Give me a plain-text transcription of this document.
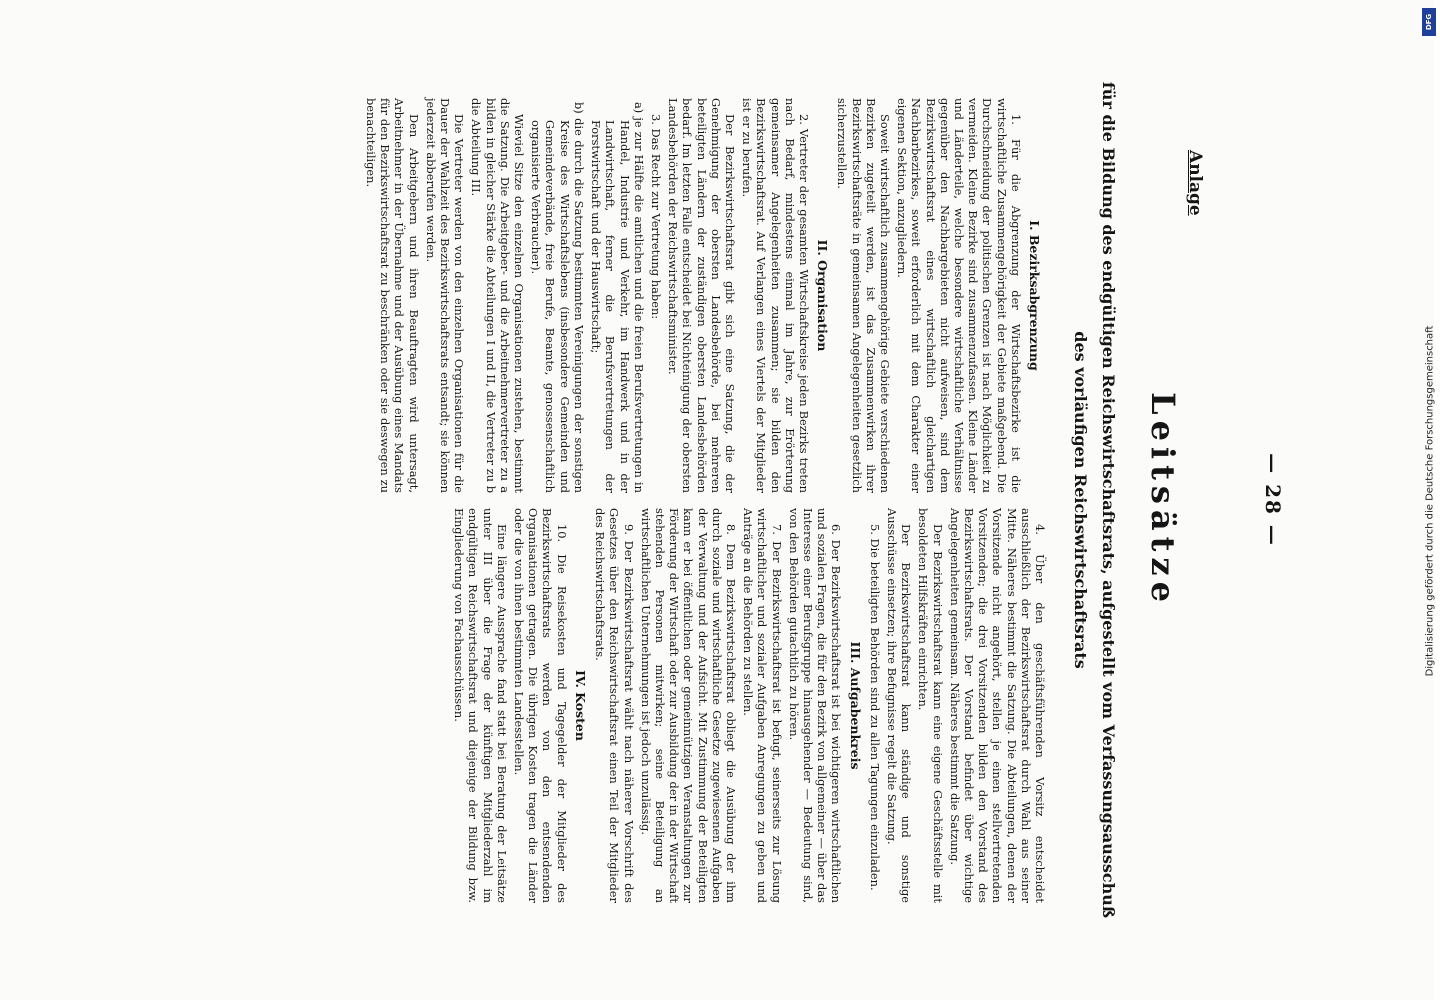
— 28 —
Anlage
Leitsätze
für die Bildung des endgültigen Reichswirtschaftsrats, aufgestellt vom Verfassungsausschuß
des vorläufigen Reichswirtschaftsrats
I. Bezirksabgrenzung

1. Für die Abgrenzung der Wirtschaftsbezirke ist die wirtschaftliche Zusammengehörigkeit der Gebiete maßgebend. Die Durchschneidung der politischen Grenzen ist nach Möglichkeit zu vermeiden. Kleine Bezirke sind zusammenzufassen. Kleine Länder und Länderteile, welche besondere wirtschaftliche Verhältnisse gegenüber den Nachbargebieten nicht aufweisen, sind dem Bezirkswirtschaftsrat eines wirtschaftlich gleichartigen Nachbarbezirkes, soweit erforderlich mit dem Charakter einer eigenen Sektion, anzugliedern.

Soweit wirtschaftlich zusammengehörige Gebiete verschiedenen Bezirken zugeteilt werden, ist das Zusammenwirken ihrer Bezirkswirtschaftsräte in gemeinsamen Angelegenheiten gesetzlich sicherzustellen.

II. Organisation

2. Vertreter der gesamten Wirtschaftskreise jeden Bezirks treten nach Bedarf, mindestens einmal im Jahre, zur Erörterung gemeinsamer Angelegenheiten zusammen; sie bilden den Bezirkswirtschaftsrat. Auf Verlangen eines Viertels der Mitglieder ist er zu berufen.

Der Bezirkswirtschaftsrat gibt sich eine Satzung, die der Genehmigung der obersten Landesbehörde, bei mehreren beteiligten Ländern der zuständigen obersten Landesbehörden bedarf. Im letzten Falle entscheidet bei Nichteinigung der obersten Landesbehörden der Reichswirtschaftsminister.

3. Das Recht zur Vertretung haben:

a) je zur Hälfte die amtlichen und die freien Berufsvertretungen in Handel, Industrie und Verkehr, im Handwerk und in der Landwirtschaft, ferner die Berufsvertretungen der Forstwirtschaft und der Hauswirtschaft;

b) die durch die Satzung bestimmten Vereinigungen der sonstigen Kreise des Wirtschaftslebens (insbesondere Gemeinden und Gemeindeverbände, freie Berufe, Beamte, genossenschaftlich organisierte Verbraucher).

Wieviel Sitze den einzelnen Organisationen zustehen, bestimmt die Satzung. Die Arbeitgeber- und die Arbeitnehmervertreter zu a bilden in gleicher Stärke die Abteilungen I und II, die Vertreter zu b die Abteilung III.

Die Vertreter werden von den einzelnen Organisationen für die Dauer der Wahlzeit des Bezirkswirtschaftsrats entsandt; sie können jederzeit abberufen werden.

Den Arbeitgebern und ihren Beauftragten wird untersagt, Arbeitnehmer in der Übernahme und der Ausübung eines Mandats für den Bezirkswirtschaftsrat zu beschränken oder sie deswegen zu benachteiligen.

4. Über den geschäftsführenden Vorsitz entscheidet ausschließlich der Bezirkswirtschaftsrat durch Wahl aus seiner Mitte. Näheres bestimmt die Satzung. Die Abteilungen, denen der Vorsitzende nicht angehört, stellen je einen stellvertretenden Vorsitzenden; die drei Vorsitzenden bilden den Vorstand des Bezirkswirtschaftsrats. Der Vorstand befindet über wichtige Angelegenheiten gemeinsam. Näheres bestimmt die Satzung.

Der Bezirkswirtschaftsrat kann eine eigene Geschäftsstelle mit besoldeten Hilfskräften einrichten.

Der Bezirkswirtschaftsrat kann ständige und sonstige Ausschüsse einsetzen; ihre Befugnisse regelt die Satzung.

5. Die beteiligten Behörden sind zu allen Tagungen einzuladen.

III. Aufgabenkreis

6. Der Bezirkswirtschaftsrat ist bei wichtigeren wirtschaftlichen und sozialen Fragen, die für den Bezirk von allgemeiner — über das Interesse einer Berufsgruppe hinausgehender — Bedeutung sind, von den Behörden gutachtlich zu hören.

7. Der Bezirkswirtschaftsrat ist befugt, seinerseits zur Lösung wirtschaftlicher und sozialer Aufgaben Anregungen zu geben und Anträge an die Behörden zu stellen.

8. Dem Bezirkswirtschaftsrat obliegt die Ausübung der ihm durch soziale und wirtschaftliche Gesetze zugewiesenen Aufgaben der Verwaltung und der Aufsicht. Mit Zustimmung der Beteiligten kann er bei öffentlichen oder gemeinnützigen Veranstaltungen zur Förderung der Wirtschaft oder zur Ausbildung der in der Wirtschaft stehenden Personen mitwirken; seine Beteiligung an wirtschaftlichen Unternehmungen ist jedoch unzulässig.

9. Der Bezirkswirtschaftsrat wählt nach näherer Vorschrift des Gesetzes über den Reichswirtschaftsrat einen Teil der Mitglieder des Reichswirtschaftsrats.

IV. Kosten

10. Die Reisekosten und Tagegelder der Mitglieder des Bezirkswirtschaftsrats werden von den entsendenden Organisationen getragen. Die übrigen Kosten tragen die Länder oder die von ihnen bestimmten Landesstellen.

Eine längere Aussprache fand statt bei Beratung der Leitsätze unter III über die Frage der künftigen Mitgliederzahl im endgültigen Reichswirtschaftsrat und diejenige der Bildung bzw. Eingliederung von Fachausschüssen.	Digitalisierung gefördert durch die Deutsche Forschungsgemeinschaft
DFG
